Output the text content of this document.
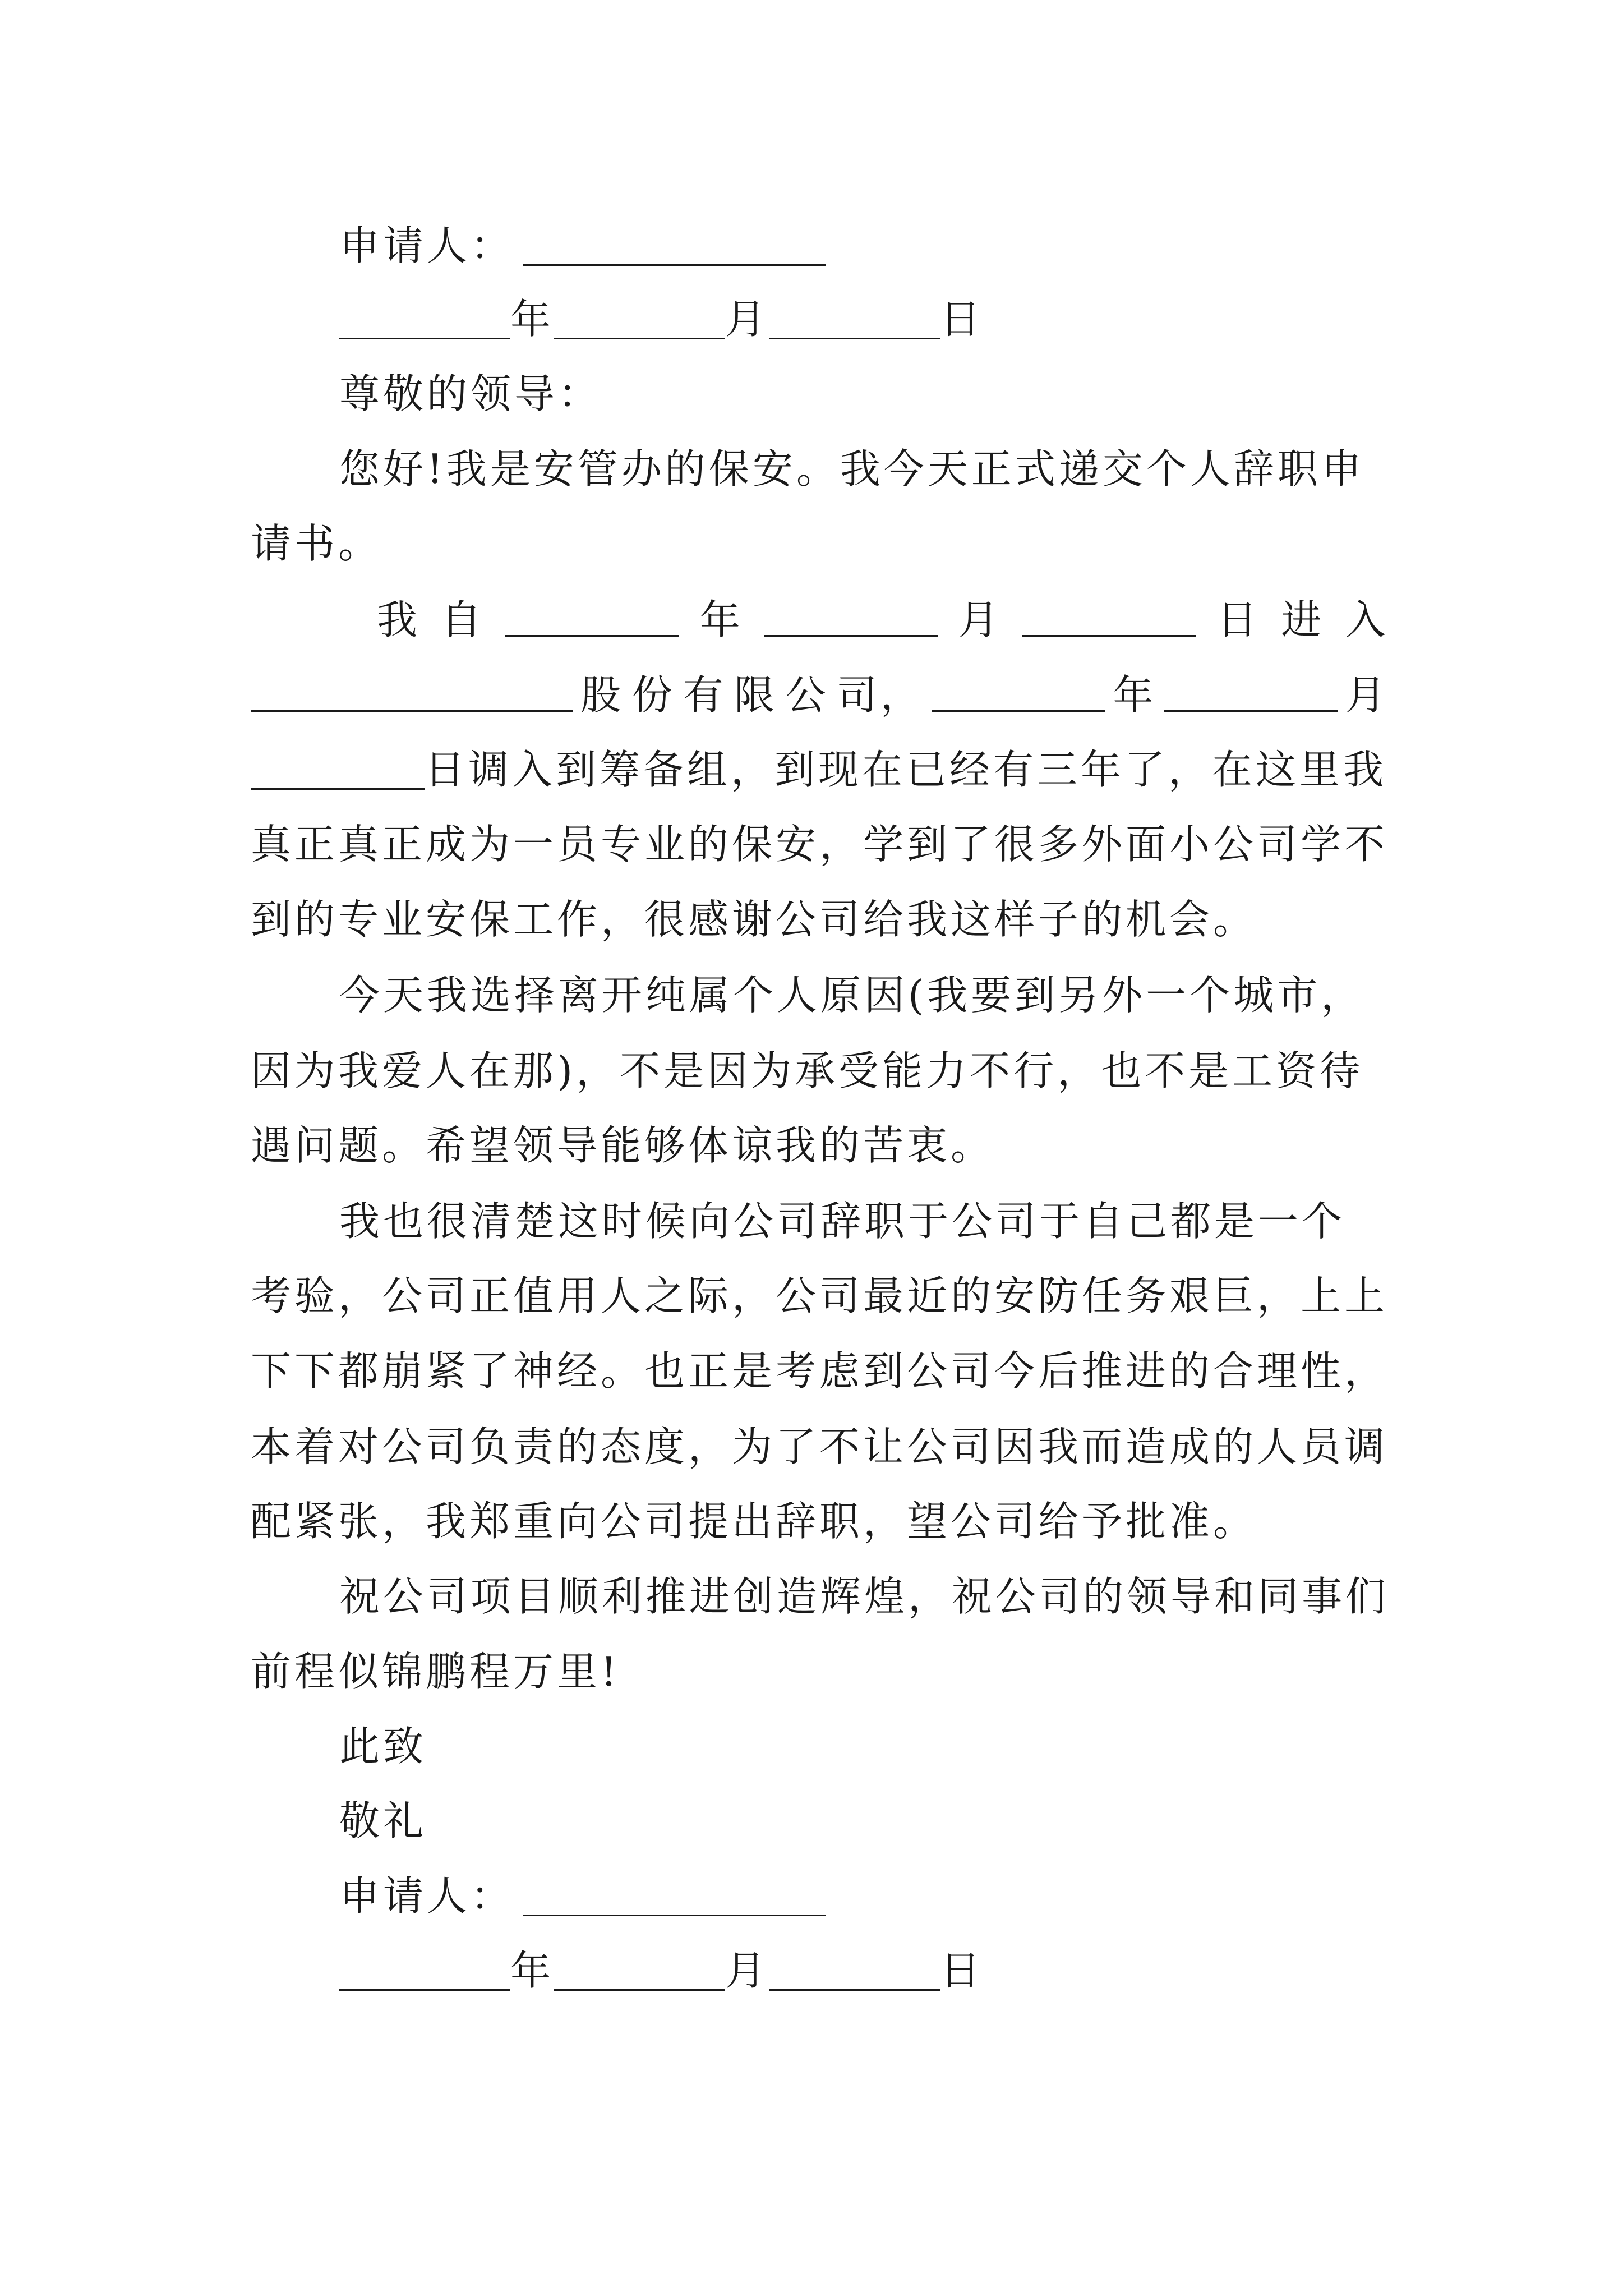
申请人：
年	月	日
尊敬的领导：
您好!我是安管办的保安。我今天正式递交个人辞职申
请书。
我 自	年	月	日 进 入
股 份 有 限 公 司，	年	月
日调入到筹备组，到现在已经有三年了，在这里我
真正真正成为一员专业的保安，学到了很多外面小公司学不
到的专业安保工作，很感谢公司给我这样子的机会。
今天我选择离开纯属个人原因(我要到另外一个城市，
因为我爱人在那)，不是因为承受能力不行，也不是工资待
遇问题。希望领导能够体谅我的苦衷。
我也很清楚这时候向公司辞职于公司于自己都是一个
考验，公司正值用人之际，公司最近的安防任务艰巨，上上
下下都崩紧了神经。也正是考虑到公司今后推进的合理性，
本着对公司负责的态度，为了不让公司因我而造成的人员调
配紧张，我郑重向公司提出辞职，望公司给予批准。
祝公司项目顺利推进创造辉煌，祝公司的领导和同事们
前程似锦鹏程万里!
此致
敬礼
申请人：
年	月	日
